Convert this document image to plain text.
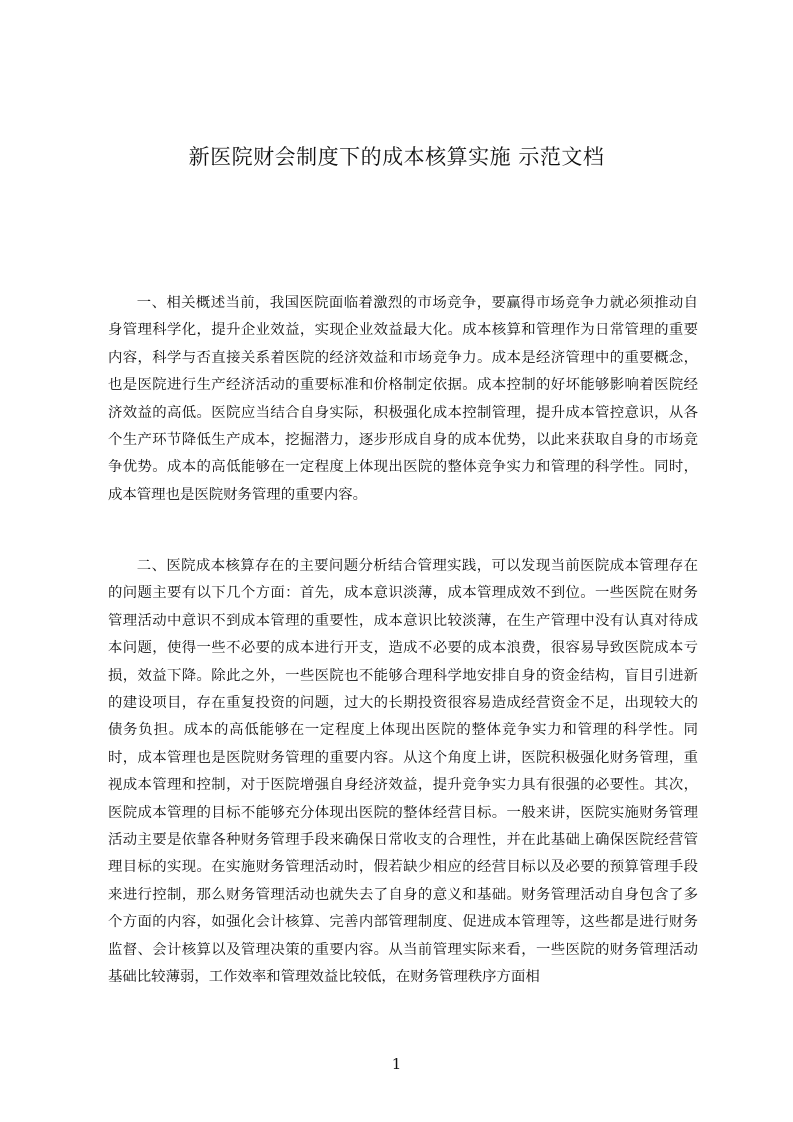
新医院财会制度下的成本核算实施 示范文档

一、相关概述当前，我国医院面临着激烈的市场竞争，要赢得市场竞争力就必须推动自身管理科学化，提升企业效益，实现企业效益最大化。成本核算和管理作为日常管理的重要内容，科学与否直接关系着医院的经济效益和市场竞争力。成本是经济管理中的重要概念，也是医院进行生产经济活动的重要标准和价格制定依据。成本控制的好坏能够影响着医院经济效益的高低。医院应当结合自身实际，积极强化成本控制管理，提升成本管控意识，从各个生产环节降低生产成本，挖掘潜力，逐步形成自身的成本优势，以此来获取自身的市场竞争优势。成本的高低能够在一定程度上体现出医院的整体竞争实力和管理的科学性。同时，成本管理也是医院财务管理的重要内容。

二、医院成本核算存在的主要问题分析结合管理实践，可以发现当前医院成本管理存在的问题主要有以下几个方面：首先，成本意识淡薄，成本管理成效不到位。一些医院在财务管理活动中意识不到成本管理的重要性，成本意识比较淡薄，在生产管理中没有认真对待成本问题，使得一些不必要的成本进行开支，造成不必要的成本浪费，很容易导致医院成本亏损，效益下降。除此之外，一些医院也不能够合理科学地安排自身的资金结构，盲目引进新的建设项目，存在重复投资的问题，过大的长期投资很容易造成经营资金不足，出现较大的债务负担。成本的高低能够在一定程度上体现出医院的整体竞争实力和管理的科学性。同时，成本管理也是医院财务管理的重要内容。从这个角度上讲，医院积极强化财务管理，重视成本管理和控制，对于医院增强自身经济效益，提升竞争实力具有很强的必要性。其次，医院成本管理的目标不能够充分体现出医院的整体经营目标。一般来讲，医院实施财务管理活动主要是依靠各种财务管理手段来确保日常收支的合理性，并在此基础上确保医院经营管理目标的实现。在实施财务管理活动时，假若缺少相应的经营目标以及必要的预算管理手段来进行控制，那么财务管理活动也就失去了自身的意义和基础。财务管理活动自身包含了多个方面的内容，如强化会计核算、完善内部管理制度、促进成本管理等，这些都是进行财务监督、会计核算以及管理决策的重要内容。从当前管理实际来看，一些医院的财务管理活动基础比较薄弱，工作效率和管理效益比较低，在财务管理秩序方面相

1
